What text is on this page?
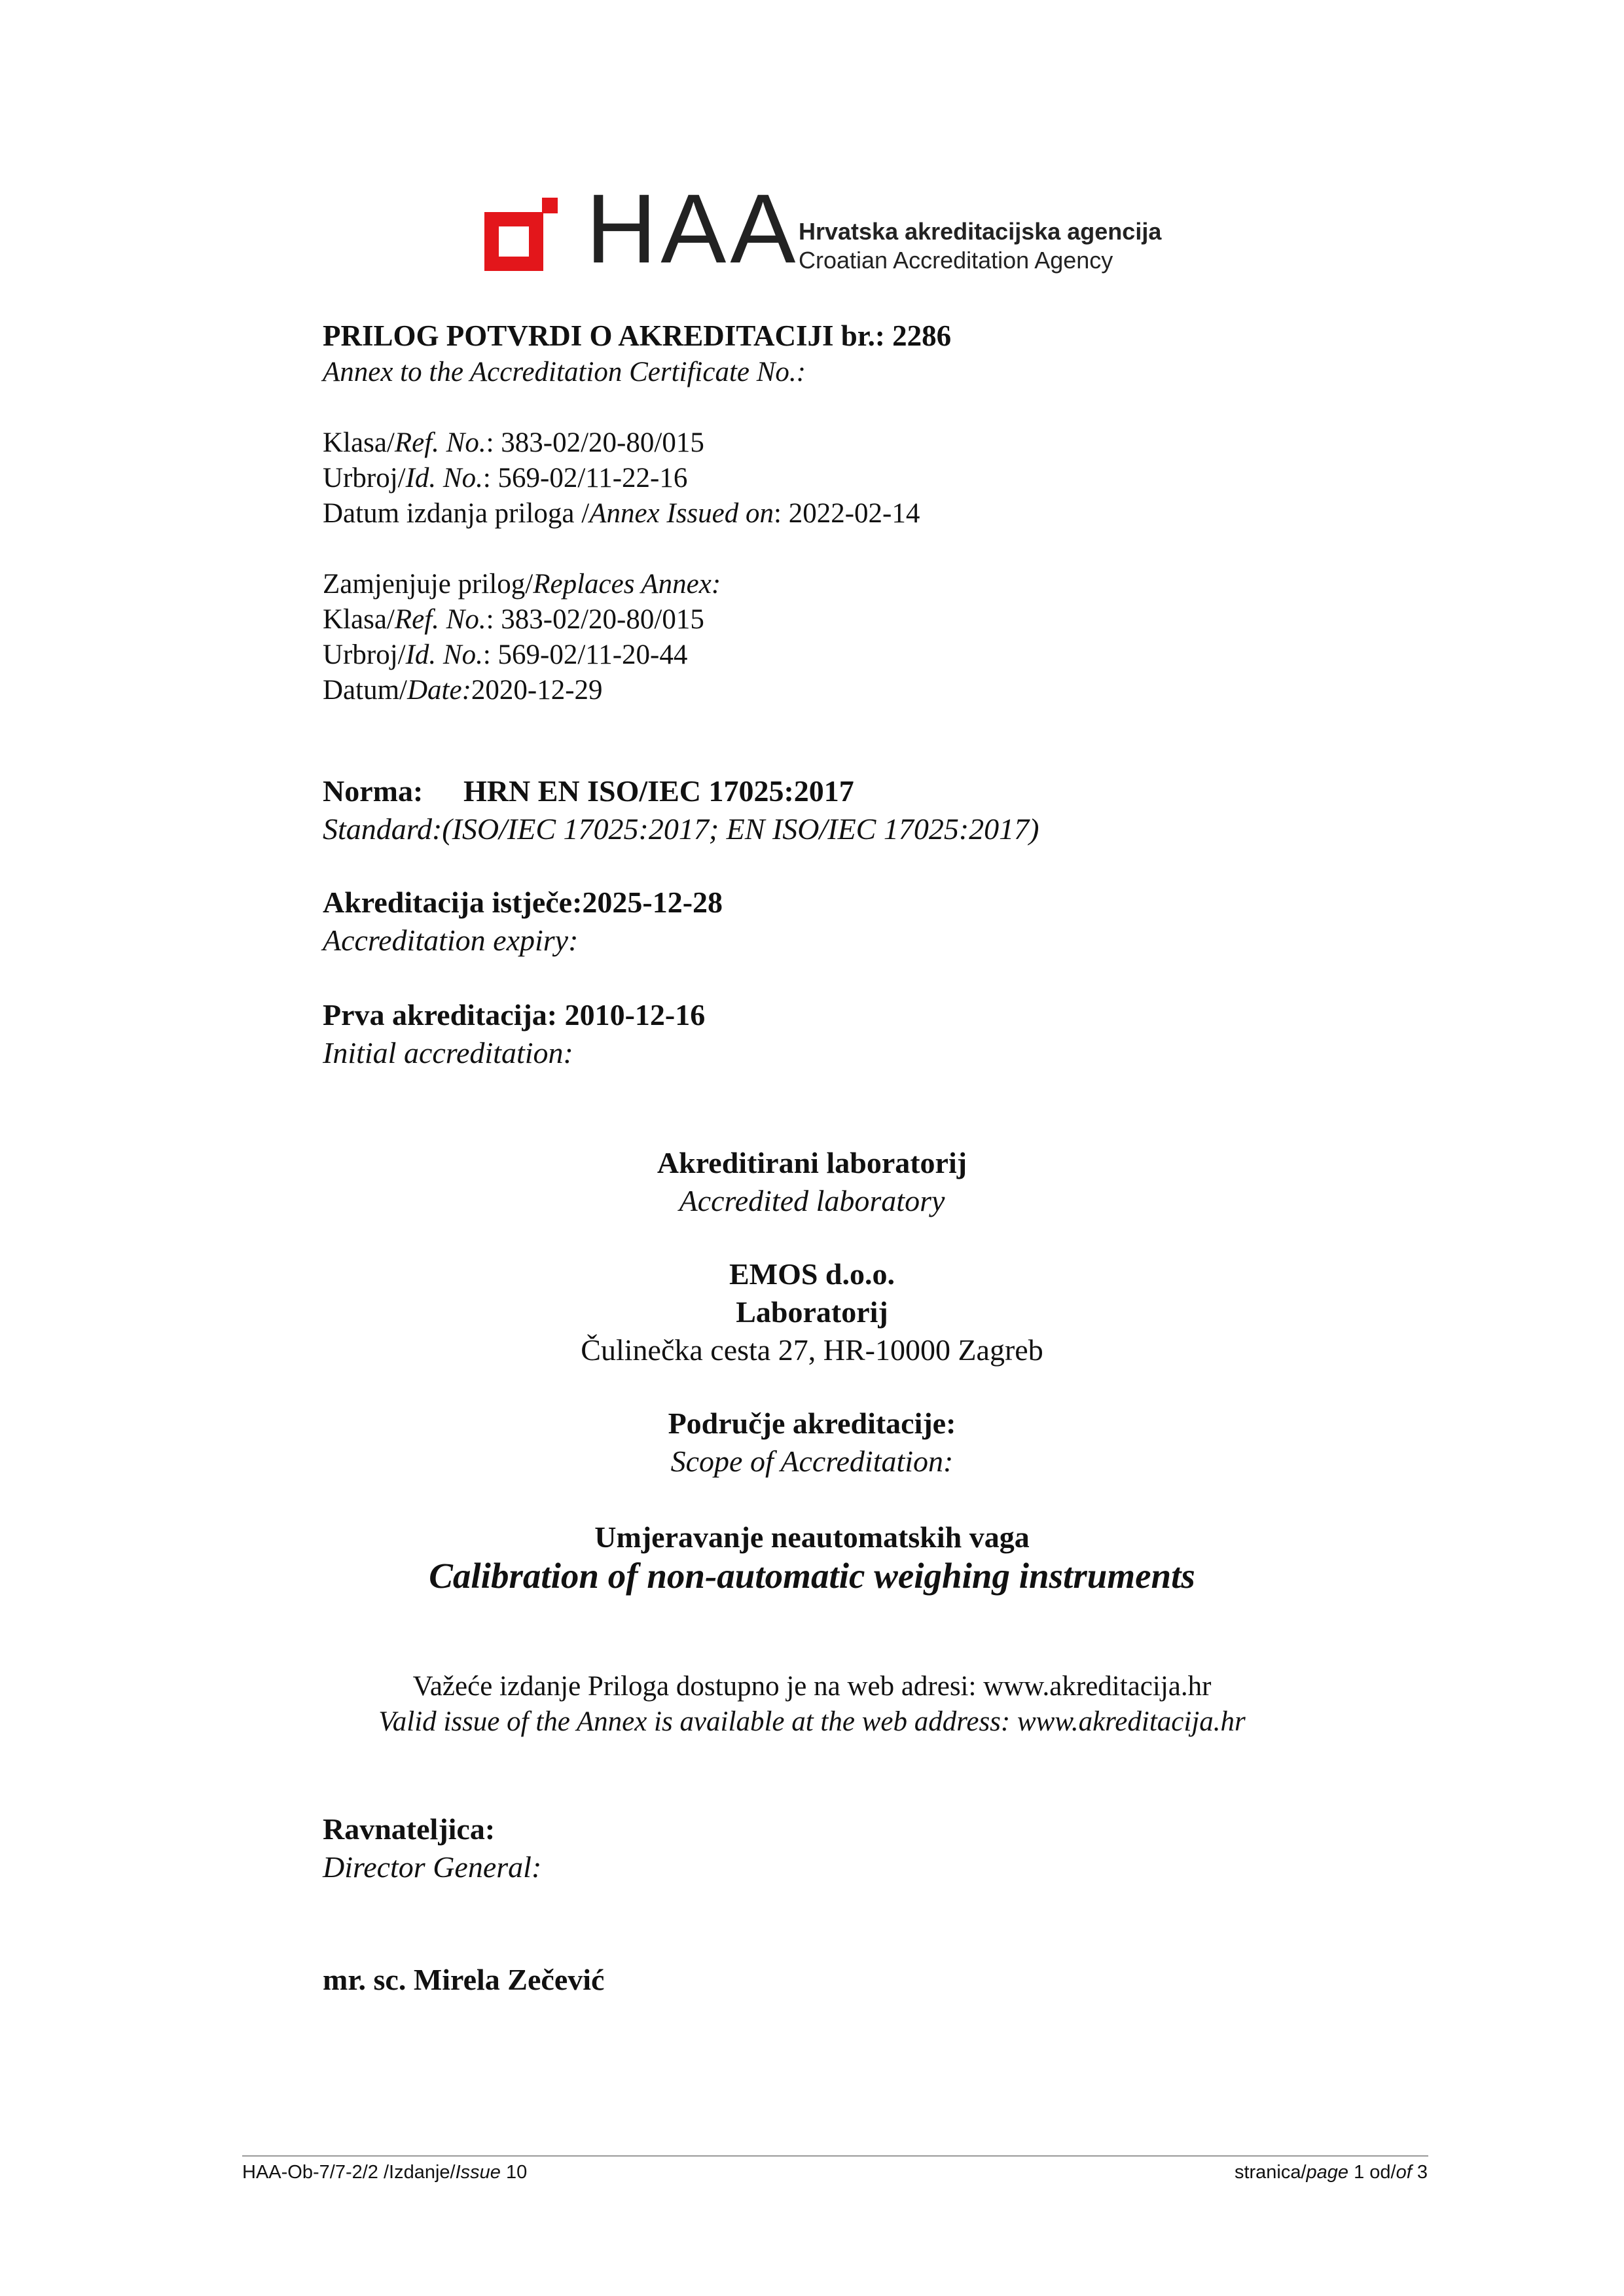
HAA
Hrvatska akreditacijska agencija
Croatian Accreditation Agency
PRILOG POTVRDI O AKREDITACIJI br.: 2286
Annex to the Accreditation Certificate No.:
Klasa/Ref. No.: 383-02/20-80/015
Urbroj/Id. No.: 569-02/11-22-16
Datum izdanja priloga /Annex Issued on: 2022-02-14
Zamjenjuje prilog/Replaces Annex:
Klasa/Ref. No.: 383-02/20-80/015
Urbroj/Id. No.: 569-02/11-20-44
Datum/Date:2020-12-29
Norma: HRN EN ISO/IEC 17025:2017
Standard:(ISO/IEC 17025:2017; EN ISO/IEC 17025:2017)
Akreditacija istječe:2025-12-28
Accreditation expiry:
Prva akreditacija: 2010-12-16
Initial accreditation:
Akreditirani laboratorij
Accredited laboratory
EMOS d.o.o.
Laboratorij
Čulinečka cesta 27, HR-10000 Zagreb
Područje akreditacije:
Scope of Accreditation:
Umjeravanje neautomatskih vaga
Calibration of non-automatic weighing instruments
Važeće izdanje Priloga dostupno je na web adresi: www.akreditacija.hr
Valid issue of the Annex is available at the web address: www.akreditacija.hr
Ravnateljica:
Director General:
mr. sc. Mirela Zečević
HAA-Ob-7/7-2/2 /Izdanje/Issue 10	stranica/page 1 od/of 3
